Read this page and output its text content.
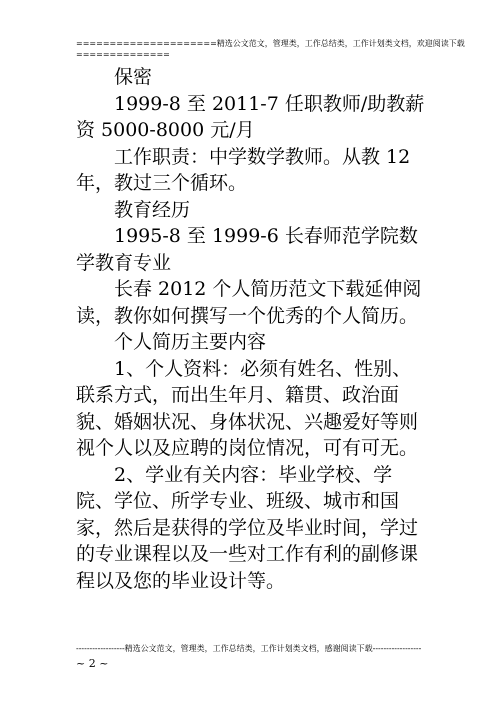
=====================精选公文范文，管理类，工作总结类，工作计划类文档，欢迎阅读下载
==============

保密

1999-8 至 2011-7 任职教师/助教薪资 5000-8000 元/月

工作职责：中学数学教师。从教 12 年，教过三个循环。

教育经历

1995-8 至 1999-6 长春师范学院数学教育专业

长春 2012 个人简历范文下载延伸阅读，教你如何撰写一个优秀的个人简历。

个人简历主要内容

1、个人资料：必须有姓名、性别、联系方式，而出生年月、籍贯、政治面貌、婚姻状况、身体状况、兴趣爱好等则视个人以及应聘的岗位情况，可有可无。

2、学业有关内容：毕业学校、学院、学位、所学专业、班级、城市和国家，然后是获得的学位及毕业时间，学过的专业课程以及一些对工作有利的副修课程以及您的毕业设计等。

------------------精选公文范文，管理类，工作总结类，工作计划类文档，感谢阅读下载------------------
~ 2 ~
